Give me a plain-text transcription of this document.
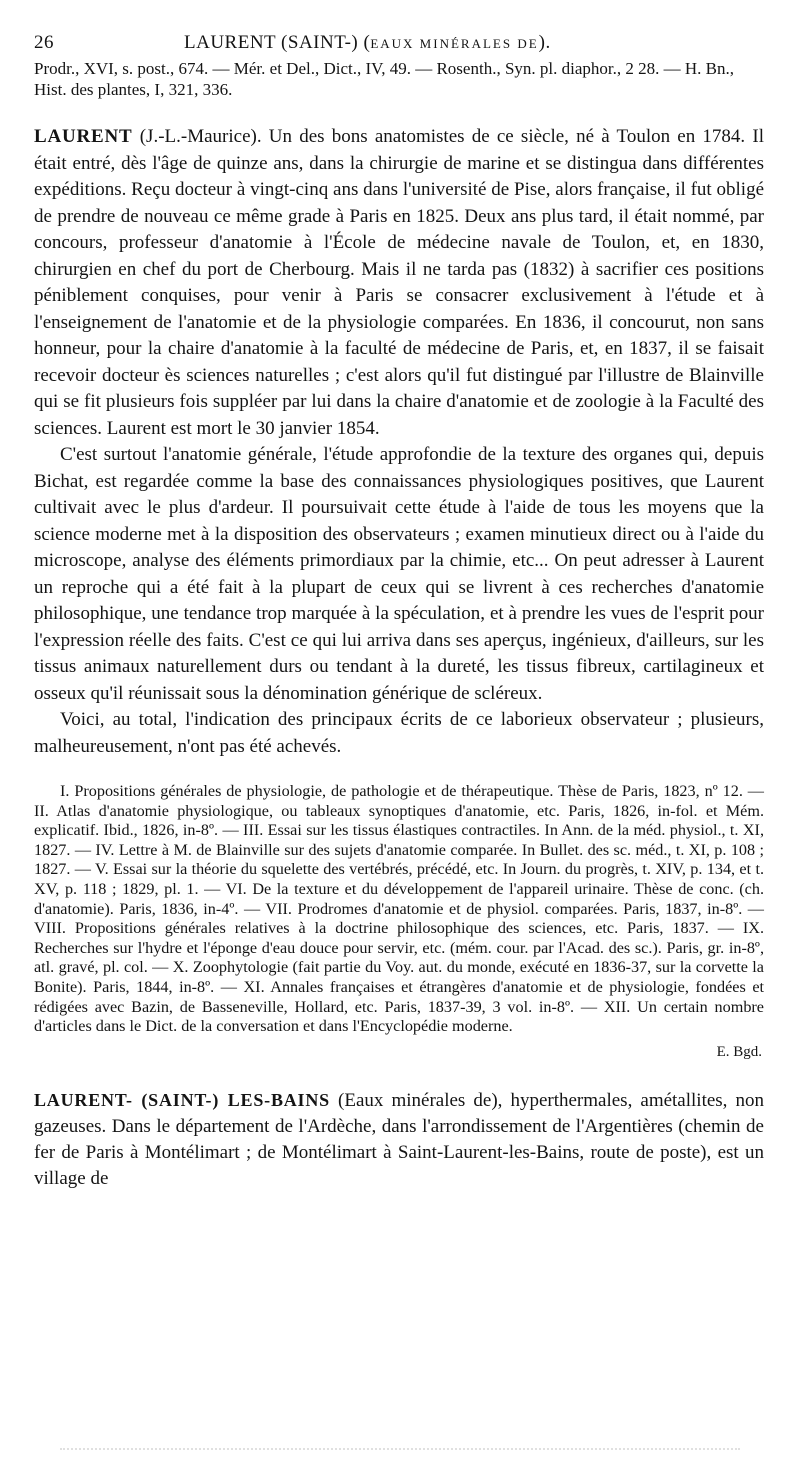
26	LAURENT (SAINT-) (EAUX MINÉRALES DE).

Prodr., XVI, s. post., 674. — Mér. et Del., Dict., IV, 49. — Rosenth., Syn. pl. diaphor., 2 28. — H. Bn., Hist. des plantes, I, 321, 336.

LAURENT (J.-L.-Maurice). Un des bons anatomistes de ce siècle, né à Toulon en 1784. Il était entré, dès l'âge de quinze ans, dans la chirurgie de marine et se distingua dans différentes expéditions. Reçu docteur à vingt-cinq ans dans l'université de Pise, alors française, il fut obligé de prendre de nouveau ce même grade à Paris en 1825. Deux ans plus tard, il était nommé, par concours, professeur d'anatomie à l'École de médecine navale de Toulon, et, en 1830, chirurgien en chef du port de Cherbourg. Mais il ne tarda pas (1832) à sacrifier ces positions péniblement conquises, pour venir à Paris se consacrer exclusivement à l'étude et à l'enseignement de l'anatomie et de la physiologie comparées. En 1836, il concourut, non sans honneur, pour la chaire d'anatomie à la faculté de médecine de Paris, et, en 1837, il se faisait recevoir docteur ès sciences naturelles ; c'est alors qu'il fut distingué par l'illustre de Blainville qui se fit plusieurs fois suppléer par lui dans la chaire d'anatomie et de zoologie à la Faculté des sciences. Laurent est mort le 30 janvier 1854.

C'est surtout l'anatomie générale, l'étude approfondie de la texture des organes qui, depuis Bichat, est regardée comme la base des connaissances physiologiques positives, que Laurent cultivait avec le plus d'ardeur. Il poursuivait cette étude à l'aide de tous les moyens que la science moderne met à la disposition des observateurs ; examen minutieux direct ou à l'aide du microscope, analyse des éléments primordiaux par la chimie, etc... On peut adresser à Laurent un reproche qui a été fait à la plupart de ceux qui se livrent à ces recherches d'anatomie philosophique, une tendance trop marquée à la spéculation, et à prendre les vues de l'esprit pour l'expression réelle des faits. C'est ce qui lui arriva dans ses aperçus, ingénieux, d'ailleurs, sur les tissus animaux naturellement durs ou tendant à la dureté, les tissus fibreux, cartilagineux et osseux qu'il réunissait sous la dénomination générique de scléreux.

Voici, au total, l'indication des principaux écrits de ce laborieux observateur ; plusieurs, malheureusement, n'ont pas été achevés.

I. Propositions générales de physiologie, de pathologie et de thérapeutique. Thèse de Paris, 1823, nº 12. — II. Atlas d'anatomie physiologique, ou tableaux synoptiques d'anatomie, etc. Paris, 1826, in-fol. et Mém. explicatif. Ibid., 1826, in-8º. — III. Essai sur les tissus élastiques contractiles. In Ann. de la méd. physiol., t. XI, 1827. — IV. Lettre à M. de Blainville sur des sujets d'anatomie comparée. In Bullet. des sc. méd., t. XI, p. 108 ; 1827. — V. Essai sur la théorie du squelette des vertébrés, précédé, etc. In Journ. du progrès, t. XIV, p. 134, et t. XV, p. 118 ; 1829, pl. 1. — VI. De la texture et du développement de l'appareil urinaire. Thèse de conc. (ch. d'anatomie). Paris, 1836, in-4º. — VII. Prodromes d'anatomie et de physiol. comparées. Paris, 1837, in-8º. — VIII. Propositions générales relatives à la doctrine philosophique des sciences, etc. Paris, 1837. — IX. Recherches sur l'hydre et l'éponge d'eau douce pour servir, etc. (mém. cour. par l'Acad. des sc.). Paris, gr. in-8º, atl. gravé, pl. col. — X. Zoophytologie (fait partie du Voy. aut. du monde, exécuté en 1836-37, sur la corvette la Bonite). Paris, 1844, in-8º. — XI. Annales françaises et étrangères d'anatomie et de physiologie, fondées et rédigées avec Bazin, de Basseneville, Hollard, etc. Paris, 1837-39, 3 vol. in-8º. — XII. Un certain nombre d'articles dans le Dict. de la conversation et dans l'Encyclopédie moderne.

E. Bgd.

LAURENT- (SAINT-) LES-BAINS (Eaux minérales de), hyperthermales, amétallites, non gazeuses. Dans le département de l'Ardèche, dans l'arrondissement de l'Argentières (chemin de fer de Paris à Montélimart ; de Montélimart à Saint-Laurent-les-Bains, route de poste), est un village de
